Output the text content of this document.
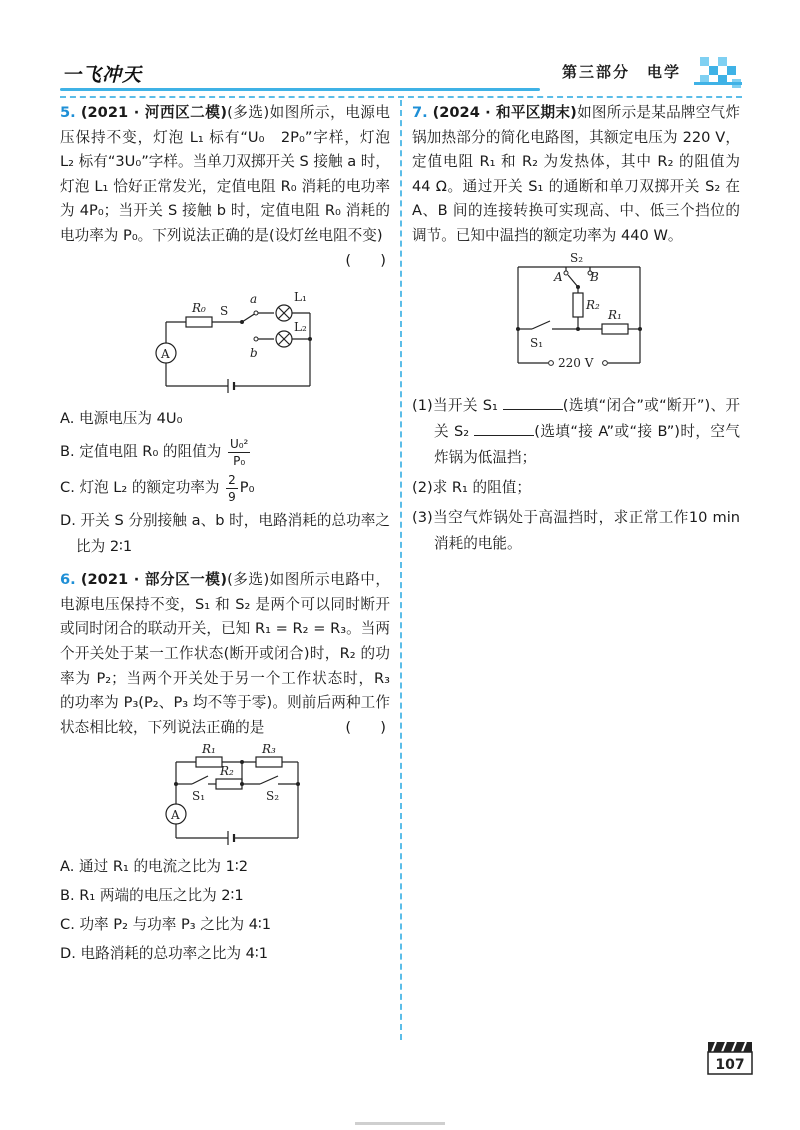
一飞冲天	第三部分　电学

5. (2021 · 河西区二模)(多选)如图所示，电源电压保持不变，灯泡 L₁ 标有“U₀　2P₀”字样，灯泡 L₂ 标有“3U₀”字样。当单刀双掷开关 S 接触 a 时，灯泡 L₁ 恰好正常发光，定值电阻 R₀ 消耗的电功率为 4P₀；当开关 S 接触 b 时，定值电阻 R₀ 消耗的电功率为 P₀。下列说法正确的是(设灯丝电阻不变)
(　　)

R₀ S
a
b
L₁
L₂
A

A. 电源电压为 4U₀

B. 定值电阻 R₀ 的阻值为 $\frac{\text{U₀²}}{\text{P₀}}$

C. 灯泡 L₂ 的额定功率为 $\frac{2}{9} P_0$

D. 开关 S 分别接触 a、b 时，电路消耗的总功率之比为 2∶1

6. (2021 · 部分区一模)(多选)如图所示电路中，电源电压保持不变，S₁ 和 S₂ 是两个可以同时断开或同时闭合的联动开关，已知 R₁ = R₂ = R₃。当两个开关处于某一工作状态(断开或闭合)时，R₂ 的功率为 P₂；当两个开关处于另一个工作状态时，R₃ 的功率为 P₃(P₂、P₃ 均不等于零)。则前后两种工作状态相比较，下列说法正确的是	(　　)

R₁	R₃
R₂
S₁	S₂
A

A. 通过 R₁ 的电流之比为 1∶2

B. R₁ 两端的电压之比为 2∶1

C. 功率 P₂ 与功率 P₃ 之比为 4∶1

D. 电路消耗的总功率之比为 4∶1

7. (2024 · 和平区期末)如图所示是某品牌空气炸锅加热部分的简化电路图，其额定电压为 220 V，定值电阻 R₁ 和 R₂ 为发热体，其中 R₂ 的阻值为 44 Ω。通过开关 S₁ 的通断和单刀双掷开关 S₂ 在 A、B 间的连接转换可实现高、中、低三个挡位的调节。已知中温挡的额定功率为 440 W。

S₂
A B
R₂
R₁
S₁
220 V

(1)当开关 S₁	(选填“闭合”或“断开”)、开关 S₂	(选填“接 A”或“接 B”)时，空气炸锅为低温挡；

(2)求 R₁ 的阻值；

(3)当空气炸锅处于高温挡时，求正常工作10 min消耗的电能。

107
